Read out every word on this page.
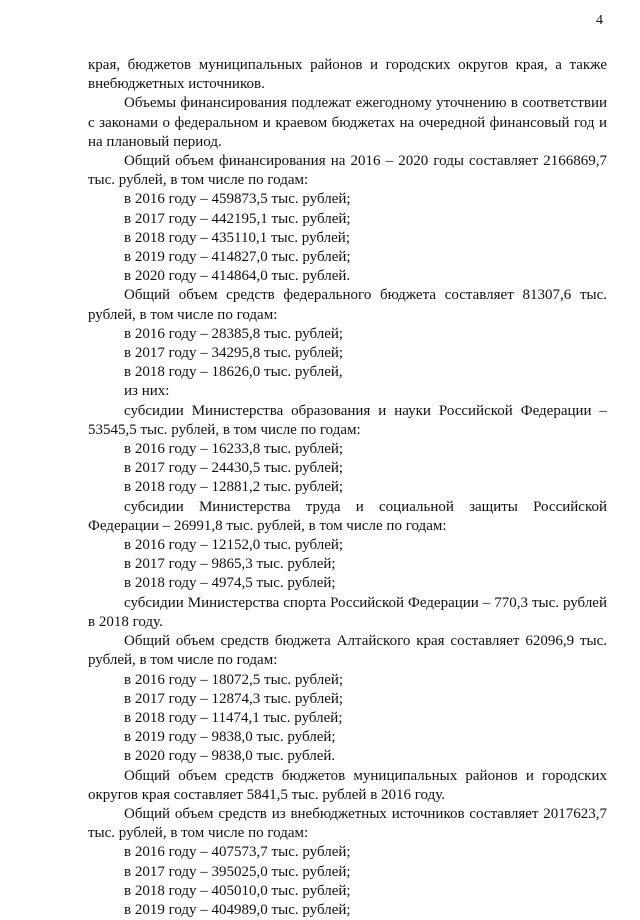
4

края, бюджетов муниципальных районов и городских округов края, а также внебюджетных источников.

Объемы финансирования подлежат ежегодному уточнению в соответствии с законами о федеральном и краевом бюджетах на очередной финансовый год и на плановый период.

Общий объем финансирования на 2016 – 2020 годы составляет 2166869,7 тыс. рублей, в том числе по годам:

в 2016 году – 459873,5 тыс. рублей;

в 2017 году – 442195,1 тыс. рублей;

в 2018 году – 435110,1 тыс. рублей;

в 2019 году – 414827,0 тыс. рублей;

в 2020 году – 414864,0 тыс. рублей.

Общий объем средств федерального бюджета составляет 81307,6 тыс. рублей, в том числе по годам:

в 2016 году – 28385,8 тыс. рублей;

в 2017 году – 34295,8 тыс. рублей;

в 2018 году – 18626,0 тыс. рублей,

из них:

субсидии Министерства образования и науки Российской Федерации – 53545,5 тыс. рублей, в том числе по годам:

в 2016 году – 16233,8 тыс. рублей;

в 2017 году – 24430,5 тыс. рублей;

в 2018 году – 12881,2 тыс. рублей;

субсидии Министерства труда и социальной защиты Российской Федерации – 26991,8 тыс. рублей, в том числе по годам:

в 2016 году – 12152,0 тыс. рублей;

в 2017 году – 9865,3 тыс. рублей;

в 2018 году – 4974,5 тыс. рублей;

субсидии Министерства спорта Российской Федерации – 770,3 тыс. рублей в 2018 году.

Общий объем средств бюджета Алтайского края составляет 62096,9 тыс. рублей, в том числе по годам:

в 2016 году – 18072,5 тыс. рублей;

в 2017 году – 12874,3 тыс. рублей;

в 2018 году – 11474,1 тыс. рублей;

в 2019 году – 9838,0 тыс. рублей;

в 2020 году – 9838,0 тыс. рублей.

Общий объем средств бюджетов муниципальных районов и городских округов края составляет 5841,5 тыс. рублей в 2016 году.

Общий объем средств из внебюджетных источников составляет 2017623,7 тыс. рублей, в том числе по годам:

в 2016 году – 407573,7 тыс. рублей;

в 2017 году – 395025,0 тыс. рублей;

в 2018 году – 405010,0 тыс. рублей;

в 2019 году – 404989,0 тыс. рублей;
